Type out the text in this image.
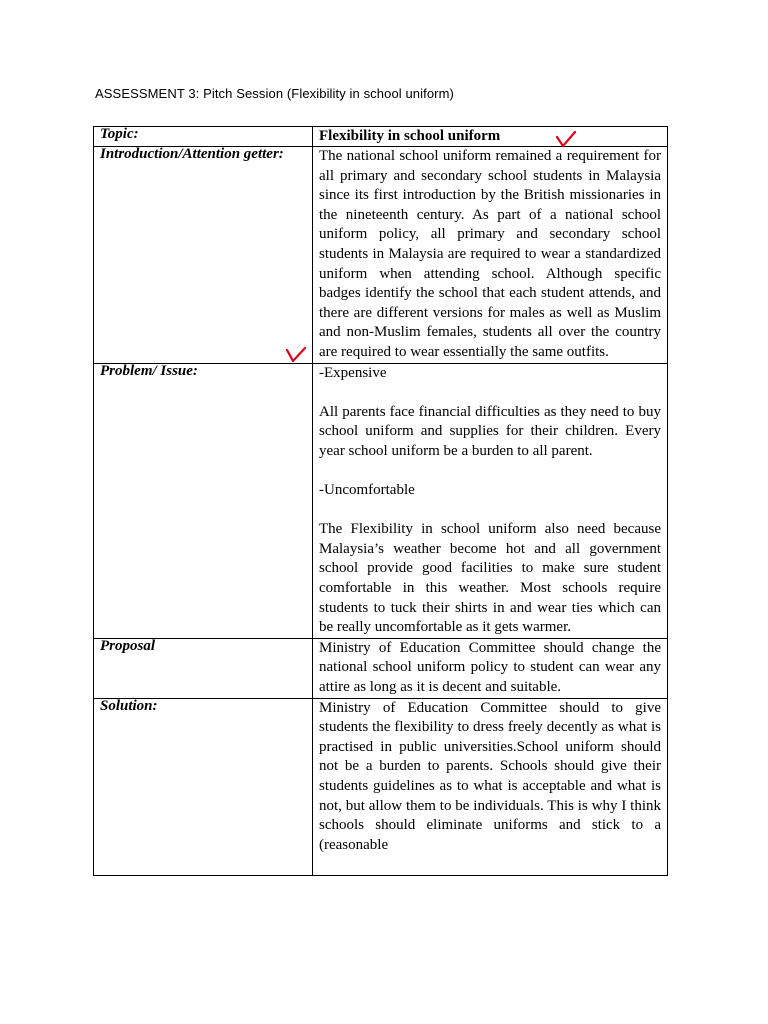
ASSESSMENT 3: Pitch Session (Flexibility in school uniform)
Topic:	Flexibility in school uniform

Introduction/Attention getter:	The national school uniform remained a requirement for all primary and secondary school students in Malaysia since its first introduction by the British missionaries in the nineteenth century. As part of a national school uniform policy, all primary and secondary school students in Malaysia are required to wear a standardized uniform when attending school. Although specific badges identify the school that each student attends, and there are different versions for males as well as Muslim and non-Muslim females, students all over the country are required to wear essentially the same outfits.

Problem/ Issue:	-Expensive

All parents face financial difficulties as they need to buy school uniform and supplies for their children. Every year school uniform be a burden to all parent.

-Uncomfortable

The Flexibility in school uniform also need because Malaysia’s weather become hot and all government school provide good facilities to make sure student comfortable in this weather. Most schools require students to tuck their shirts in and wear ties which can be really uncomfortable as it gets warmer.

Proposal	Ministry of Education Committee should change the national school uniform policy to student can wear any attire as long as it is decent and suitable.

Solution:	Ministry of Education Committee should to give students the flexibility to dress freely decently as what is practised in public universities.School uniform should not be a burden to parents. Schools should give their students guidelines as to what is acceptable and what is not, but allow them to be individuals. This is why I think schools should eliminate uniforms and stick to a (reasonable
